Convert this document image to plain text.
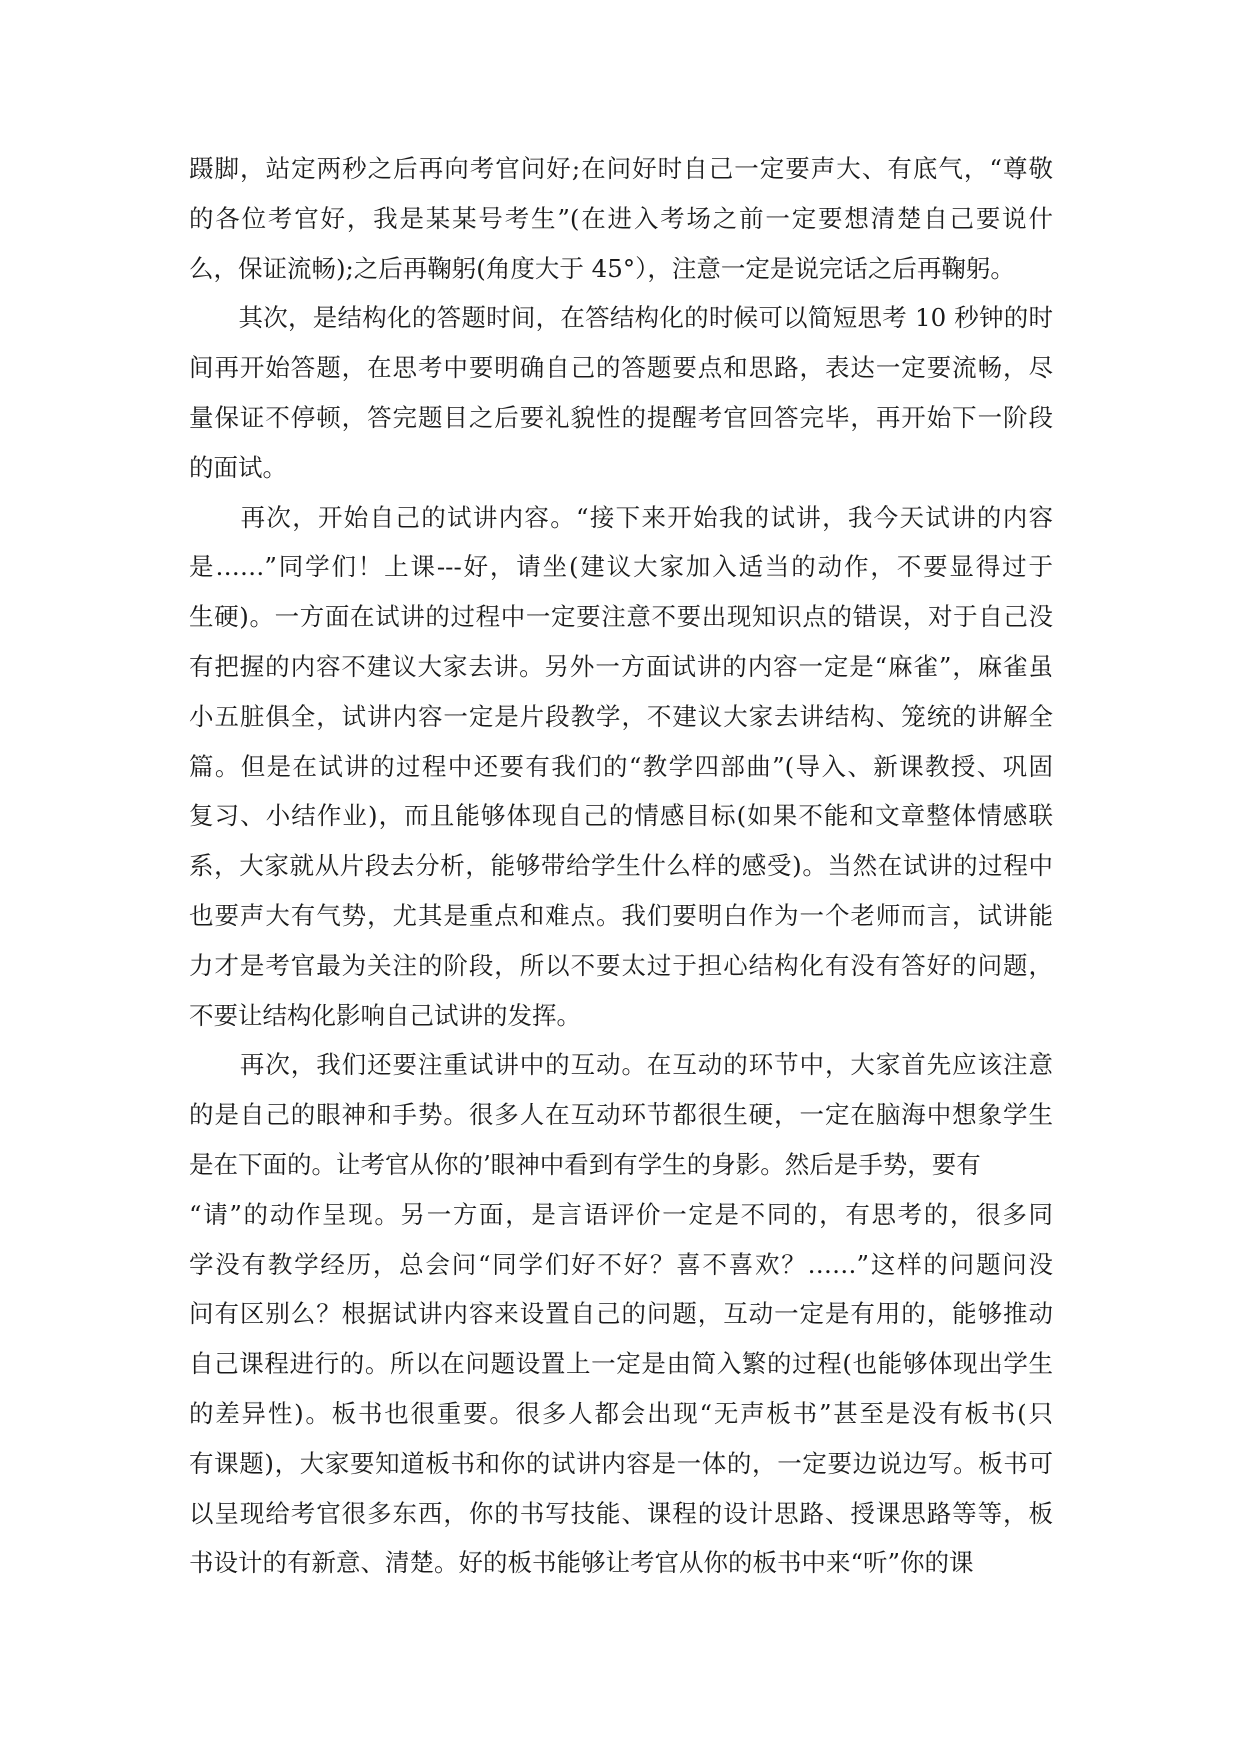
蹑脚，站定两秒之后再向考官问好;在问好时自己一定要声大、有底气，“尊敬
的各位考官好，我是某某号考生”(在进入考场之前一定要想清楚自己要说什
么，保证流畅);之后再鞠躬(角度大于 45°），注意一定是说完话之后再鞠躬。
　　其次，是结构化的答题时间，在答结构化的时候可以简短思考 10 秒钟的时
间再开始答题，在思考中要明确自己的答题要点和思路，表达一定要流畅，尽
量保证不停顿，答完题目之后要礼貌性的提醒考官回答完毕，再开始下一阶段
的面试。
　　再次，开始自己的试讲内容。“接下来开始我的试讲，我今天试讲的内容
是……”同学们！上课---好，请坐(建议大家加入适当的动作，不要显得过于
生硬)。一方面在试讲的过程中一定要注意不要出现知识点的错误，对于自己没
有把握的内容不建议大家去讲。另外一方面试讲的内容一定是“麻雀”，麻雀虽
小五脏俱全，试讲内容一定是片段教学，不建议大家去讲结构、笼统的讲解全
篇。但是在试讲的过程中还要有我们的“教学四部曲”(导入、新课教授、巩固
复习、小结作业)，而且能够体现自己的情感目标(如果不能和文章整体情感联
系，大家就从片段去分析，能够带给学生什么样的感受)。当然在试讲的过程中
也要声大有气势，尤其是重点和难点。我们要明白作为一个老师而言，试讲能
力才是考官最为关注的阶段，所以不要太过于担心结构化有没有答好的问题，
不要让结构化影响自己试讲的发挥。
　　再次，我们还要注重试讲中的互动。在互动的环节中，大家首先应该注意
的是自己的眼神和手势。很多人在互动环节都很生硬，一定在脑海中想象学生
是在下面的。让考官从你的’眼神中看到有学生的身影。然后是手势，要有
“请”的动作呈现。另一方面，是言语评价一定是不同的，有思考的，很多同
学没有教学经历，总会问“同学们好不好？喜不喜欢？……”这样的问题问没
问有区别么？根据试讲内容来设置自己的问题，互动一定是有用的，能够推动
自己课程进行的。所以在问题设置上一定是由简入繁的过程(也能够体现出学生
的差异性)。板书也很重要。很多人都会出现“无声板书”甚至是没有板书(只
有课题)，大家要知道板书和你的试讲内容是一体的，一定要边说边写。板书可
以呈现给考官很多东西，你的书写技能、课程的设计思路、授课思路等等，板
书设计的有新意、清楚。好的板书能够让考官从你的板书中来“听”你的课
